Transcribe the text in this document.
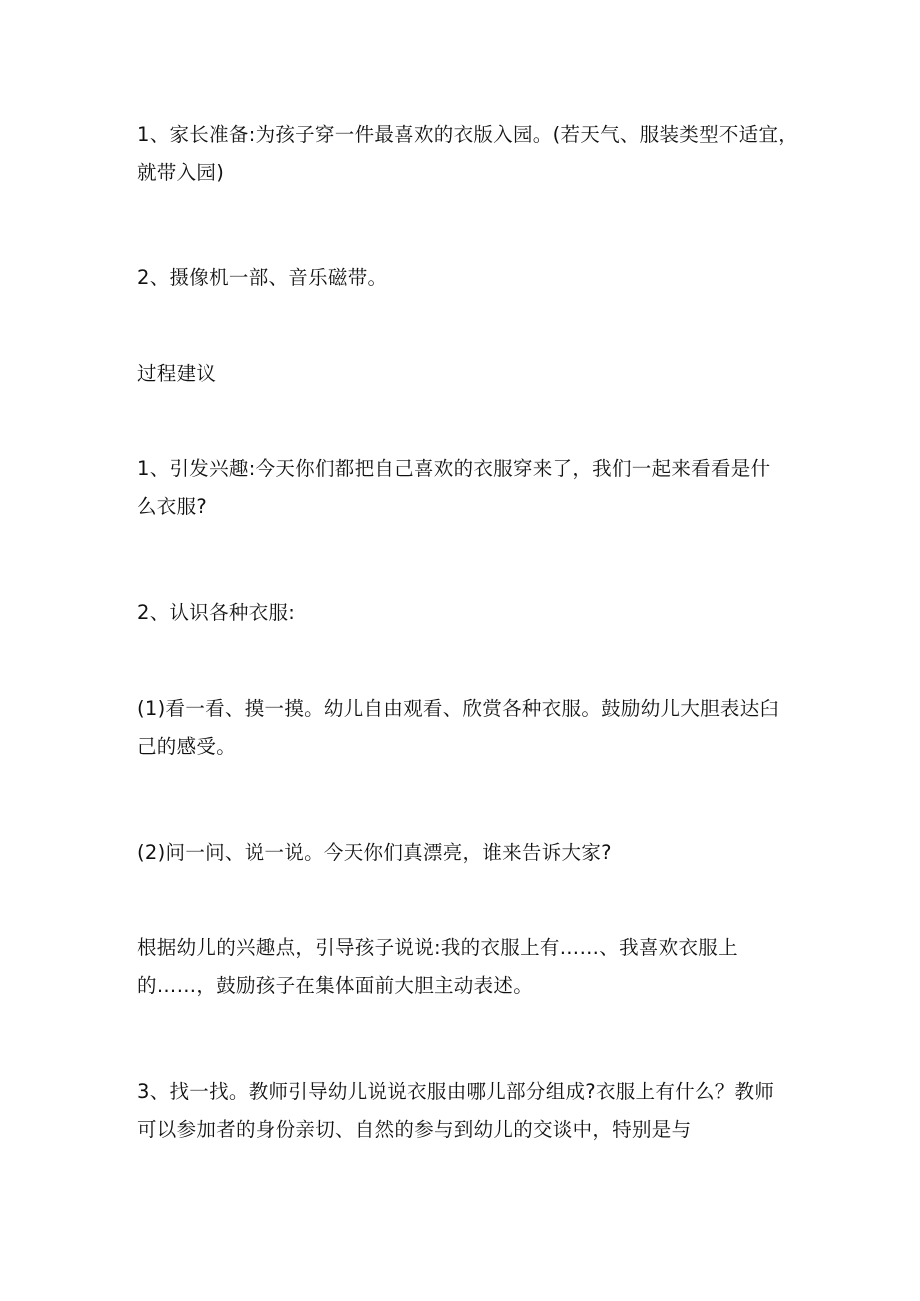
1、家长准备:为孩子穿一件最喜欢的衣版入园。(若天气、服装类型不适宜，
就带入园)

2、摄像机一部、音乐磁带。

过程建议

1、引发兴趣:今天你们都把自己喜欢的衣服穿来了，我们一起来看看是什
么衣服?

2、认识各种衣服:

(1)看一看、摸一摸。幼儿自由观看、欣赏各种衣服。鼓励幼儿大胆表达臼
己的感受。

(2)问一问、说一说。今天你们真漂亮，谁来告诉大家?

根据幼儿的兴趣点，引导孩子说说:我的衣服上有……、我喜欢衣服上
的……，鼓励孩子在集体面前大胆主动表述。

3、找一找。教师引导幼儿说说衣服由哪儿部分组成?衣服上有什么？教师
可以参加者的身份亲切、自然的参与到幼儿的交谈中，特别是与
